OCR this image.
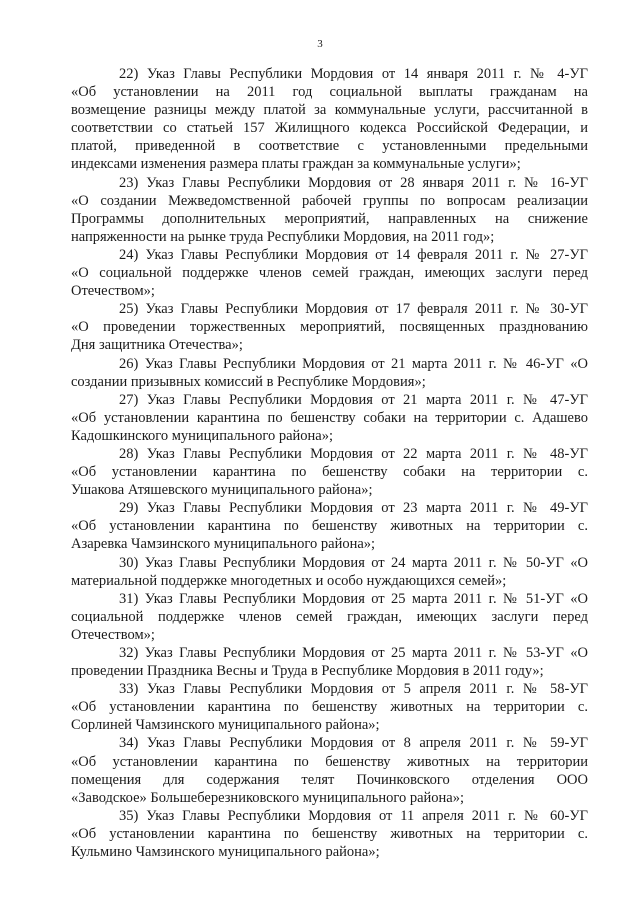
3
22) Указ Главы Республики Мордовия от 14 января 2011 г. № 4-УГ
«Об установлении на 2011 год социальной выплаты гражданам на
возмещение разницы между платой за коммунальные услуги, рассчитанной в
соответствии со статьей 157 Жилищного кодекса Российской Федерации, и
платой, приведенной в соответствие с установленными предельными
индексами изменения размера платы граждан за коммунальные услуги»;
23) Указ Главы Республики Мордовия от 28 января 2011 г. № 16-УГ
«О создании Межведомственной рабочей группы по вопросам реализации
Программы дополнительных мероприятий, направленных на снижение
напряженности на рынке труда Республики Мордовия, на 2011 год»;
24) Указ Главы Республики Мордовия от 14 февраля 2011 г. № 27-УГ
«О социальной поддержке членов семей граждан, имеющих заслуги перед
Отечеством»;
25) Указ Главы Республики Мордовия от 17 февраля 2011 г. № 30-УГ
«О проведении торжественных мероприятий, посвященных празднованию
Дня защитника Отечества»;
26) Указ Главы Республики Мордовия от 21 марта 2011 г. № 46-УГ «О
создании призывных комиссий в Республике Мордовия»;
27) Указ Главы Республики Мордовия от 21 марта 2011 г. № 47-УГ
«Об установлении карантина по бешенству собаки на территории с. Адашево
Кадошкинского муниципального района»;
28) Указ Главы Республики Мордовия от 22 марта 2011 г. № 48-УГ
«Об установлении карантина по бешенству собаки на территории с.
Ушакова Атяшевского муниципального района»;
29) Указ Главы Республики Мордовия от 23 марта 2011 г. № 49-УГ
«Об установлении карантина по бешенству животных на территории с.
Азаревка Чамзинского муниципального района»;
30) Указ Главы Республики Мордовия от 24 марта 2011 г. № 50-УГ «О
материальной поддержке многодетных и особо нуждающихся семей»;
31) Указ Главы Республики Мордовия от 25 марта 2011 г. № 51-УГ «О
социальной поддержке членов семей граждан, имеющих заслуги перед
Отечеством»;
32) Указ Главы Республики Мордовия от 25 марта 2011 г. № 53-УГ «О
проведении Праздника Весны и Труда в Республике Мордовия в 2011 году»;
33) Указ Главы Республики Мордовия от 5 апреля 2011 г. № 58-УГ
«Об установлении карантина по бешенству животных на территории с.
Сорлиней Чамзинского муниципального района»;
34) Указ Главы Республики Мордовия от 8 апреля 2011 г. № 59-УГ
«Об установлении карантина по бешенству животных на территории
помещения для содержания телят Починковского отделения ООО
«Заводское» Большеберезниковского муниципального района»;
35) Указ Главы Республики Мордовия от 11 апреля 2011 г. № 60-УГ
«Об установлении карантина по бешенству животных на территории с.
Кульмино Чамзинского муниципального района»;
